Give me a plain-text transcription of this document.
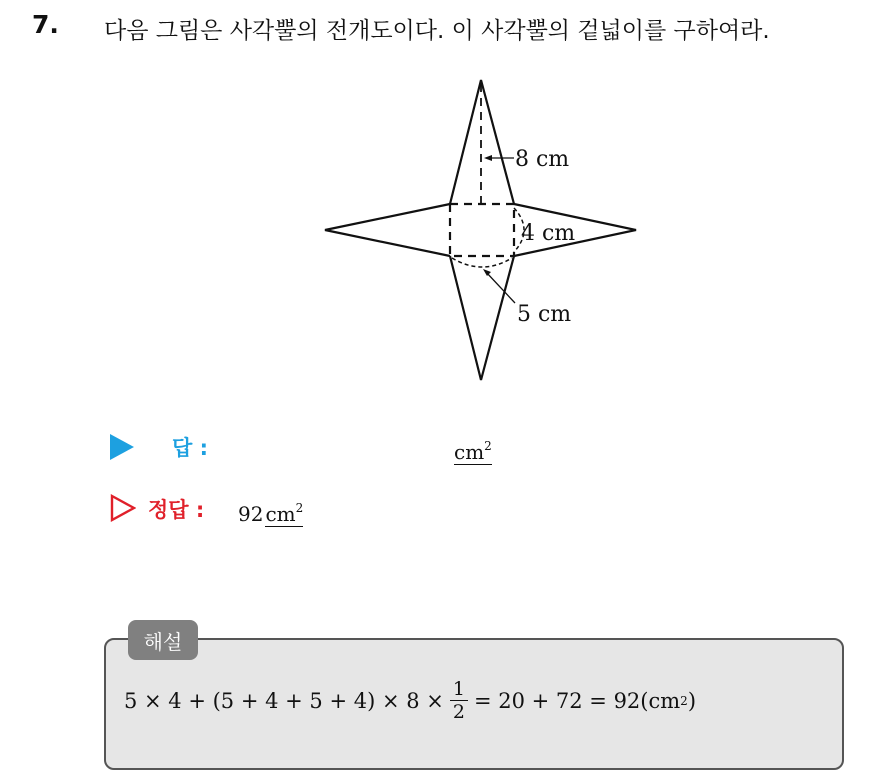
7. 다음 그림은 사각뿔의 전개도이다. 이 사각뿔의 겉넓이를 구하여라.
8 cm
4 cm
5 cm
답 :	$cm^2$
정답 : 92 $cm^2$
해설
$5 \times 4 + (5 + 4 + 5 + 4) \times 8 \times \frac{1}{2} = 20 + 72 = 92(cm$ 2 )
